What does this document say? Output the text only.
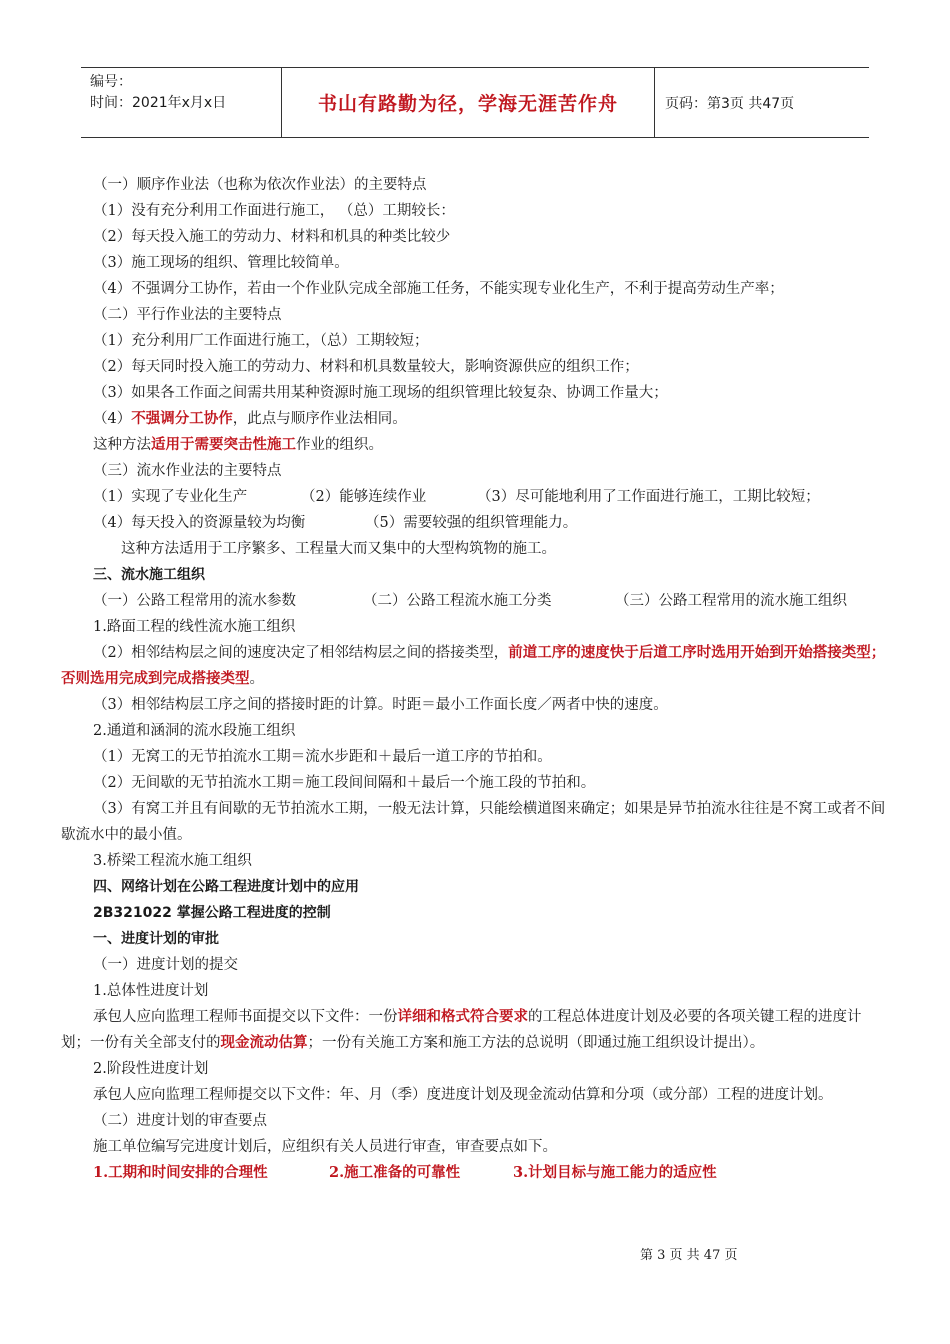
编号：
时间：2021年x月x日	书山有路勤为径，学海无涯苦作舟	页码：第3页 共47页
（一）顺序作业法（也称为依次作业法）的主要特点
（1）没有充分利用工作面进行施工， （总）工期较长：
（2）每天投入施工的劳动力、材料和机具的种类比较少
（3）施工现场的组织、管理比较简单。
（4）不强调分工协作，若由一个作业队完成全部施工任务，不能实现专业化生产，不利于提高劳动生产率；
（二）平行作业法的主要特点
（1）充分利用厂工作面进行施工，（总）工期较短；
（2）每天同时投入施工的劳动力、材料和机具数量较大，影响资源供应的组织工作；
（3）如果各工作面之间需共用某种资源时施工现场的组织管理比较复杂、协调工作量大；
（4）不强调分工协作，此点与顺序作业法相同。
这种方法适用于需要突击性施工作业的组织。
（三）流水作业法的主要特点
（1）实现了专业化生产	（2）能够连续作业	（3）尽可能地利用了工作面进行施工，工期比较短；
（4）每天投入的资源量较为均衡	（5）需要较强的组织管理能力。
这种方法适用于工序繁多、工程量大而又集中的大型构筑物的施工。
三、流水施工组织
（一）公路工程常用的流水参数	（二）公路工程流水施工分类	（三）公路工程常用的流水施工组织
1.路面工程的线性流水施工组织
（2）相邻结构层之间的速度决定了相邻结构层之间的搭接类型，前道工序的速度快于后道工序时选用开始到开始搭接类型；否则选用完成到完成搭接类型。
（3）相邻结构层工序之间的搭接时距的计算。时距＝最小工作面长度／两者中快的速度。
2.通道和涵洞的流水段施工组织
（1）无窝工的无节拍流水工期＝流水步距和＋最后一道工序的节拍和。
（2）无间歇的无节拍流水工期＝施工段间间隔和＋最后一个施工段的节拍和。
（3）有窝工并且有间歇的无节拍流水工期，一般无法计算，只能绘横道图来确定；如果是异节拍流水往往是不窝工或者不间歇流水中的最小值。
3.桥梁工程流水施工组织
四、网络计划在公路工程进度计划中的应用
2B321022 掌握公路工程进度的控制
一、进度计划的审批
（一）进度计划的提交
1.总体性进度计划
承包人应向监理工程师书面提交以下文件：一份详细和格式符合要求的工程总体进度计划及必要的各项关键工程的进度计划；一份有关全部支付的现金流动估算；一份有关施工方案和施工方法的总说明（即通过施工组织设计提出）。
2.阶段性进度计划
承包人应向监理工程师提交以下文件：年、月（季）度进度计划及现金流动估算和分项（或分部）工程的进度计划。
（二）进度计划的审查要点
施工单位编写完进度计划后，应组织有关人员进行审查，审查要点如下。
1.工期和时间安排的合理性	2.施工准备的可靠性	3.计划目标与施工能力的适应性
第 3 页 共 47 页
